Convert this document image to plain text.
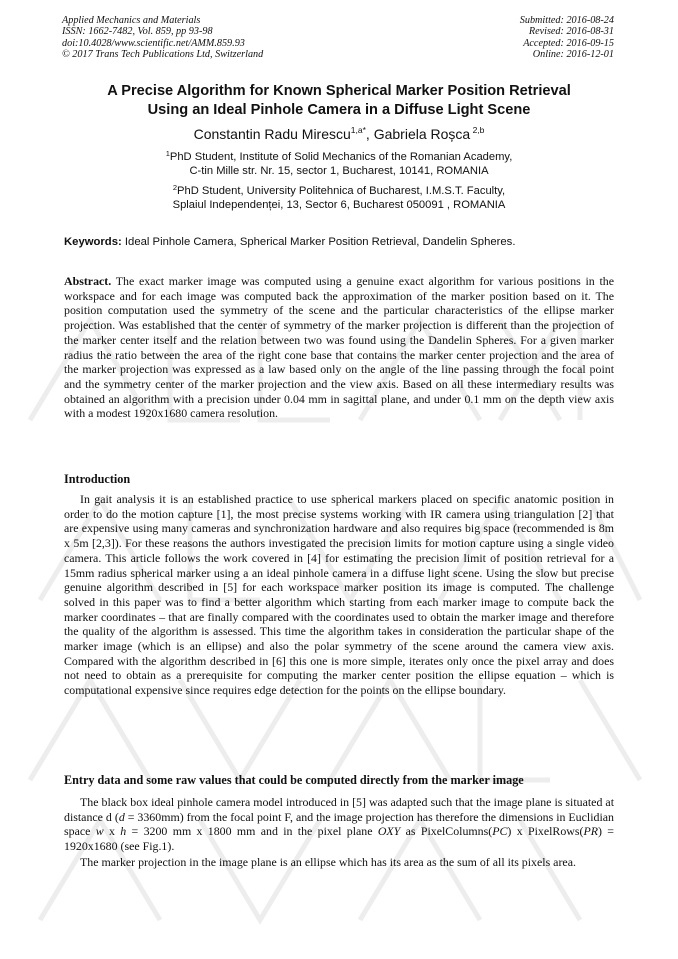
Applied Mechanics and Materials
ISSN: 1662-7482, Vol. 859, pp 93-98
doi:10.4028/www.scientific.net/AMM.859.93
© 2017 Trans Tech Publications Ltd, Switzerland
Submitted: 2016-08-24
Revised: 2016-08-31
Accepted: 2016-09-15
Online: 2016-12-01
A Precise Algorithm for Known Spherical Marker Position Retrieval
Using an Ideal Pinhole Camera in a Diffuse Light Scene
Constantin Radu Mirescu$^{1,a*}$, Gabriela Roșca $^{2,b}$
$^1$PhD Student, Institute of Solid Mechanics of the Romanian Academy,
C-tin Mille str. Nr. 15, sector 1, Bucharest, 10141, ROMANIA
$^2$PhD Student, University Politehnica of Bucharest, I.M.S.T. Faculty,
Splaiul Independenței, 13, Sector 6, Bucharest 050091 , ROMANIA
Keywords: Ideal Pinhole Camera, Spherical Marker Position Retrieval, Dandelin Spheres.
Abstract. The exact marker image was computed using a genuine exact algorithm for various positions in the workspace and for each image was computed back the approximation of the marker position based on it. The position computation used the symmetry of the scene and the particular characteristics of the ellipse marker projection. Was established that the center of symmetry of the marker projection is different than the projection of the marker center itself and the relation between two was found using the Dandelin Spheres. For a given marker radius the ratio between the area of the right cone base that contains the marker center projection and the area of the marker projection was expressed as a law based only on the angle of the line passing through the focal point and the symmetry center of the marker projection and the view axis. Based on all these intermediary results was obtained an algorithm with a precision under 0.04 mm in sagittal plane, and under 0.1 mm on the depth view axis with a modest 1920x1680 camera resolution.
Introduction
In gait analysis it is an established practice to use spherical markers placed on specific anatomic position in order to do the motion capture [1], the most precise systems working with IR camera using triangulation [2] that are expensive using many cameras and synchronization hardware and also requires big space (recommended is 8m x 5m [2,3]). For these reasons the authors investigated the precision limits for motion capture using a single video camera. This article follows the work covered in [4] for estimating the precision limit of position retrieval for a 15mm radius spherical marker using a an ideal pinhole camera in a diffuse light scene. Using the slow but precise genuine algorithm described in [5] for each workspace marker position its image is computed. The challenge solved in this paper was to find a better algorithm which starting from each marker image to compute back the marker coordinates – that are finally compared with the coordinates used to obtain the marker image and therefore the quality of the algorithm is assessed. This time the algorithm takes in consideration the particular shape of the marker image (which is an ellipse) and also the polar symmetry of the scene around the camera view axis. Compared with the algorithm described in [6] this one is more simple, iterates only once the pixel array and does not need to obtain as a prerequisite for computing the marker center position the ellipse equation – which is computational expensive since requires edge detection for the points on the ellipse boundary.
Entry data and some raw values that could be computed directly from the marker image
The black box ideal pinhole camera model introduced in [5] was adapted such that the image plane is situated at distance d (d = 3360mm) from the focal point F, and the image projection has therefore the dimensions in Euclidian space w x h = 3200 mm x 1800 mm and in the pixel plane OXY as PixelColumns(PC) x PixelRows(PR) = 1920x1680 (see Fig.1).
The marker projection in the image plane is an ellipse which has its area as the sum of all its pixels area.
